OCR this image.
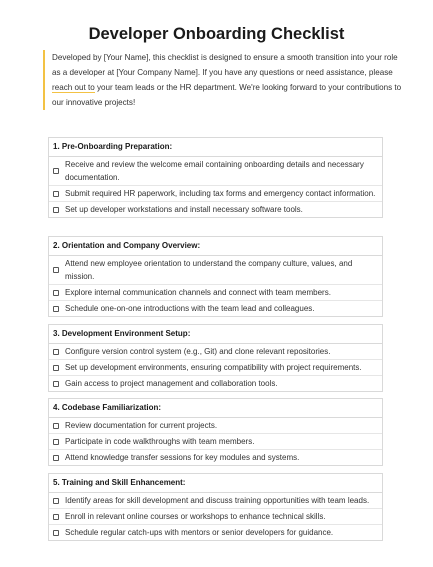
Developer Onboarding Checklist
Developed by [Your Name], this checklist is designed to ensure a smooth transition into your role as a developer at [Your Company Name]. If you have any questions or need assistance, please reach out to your team leads or the HR department. We're looking forward to your contributions to our innovative projects!
1. Pre-Onboarding Preparation:
Receive and review the welcome email containing onboarding details and necessary documentation.
Submit required HR paperwork, including tax forms and emergency contact information.
Set up developer workstations and install necessary software tools.
2. Orientation and Company Overview:
Attend new employee orientation to understand the company culture, values, and mission.
Explore internal communication channels and connect with team members.
Schedule one-on-one introductions with the team lead and colleagues.
3. Development Environment Setup:
Configure version control system (e.g., Git) and clone relevant repositories.
Set up development environments, ensuring compatibility with project requirements.
Gain access to project management and collaboration tools.
4. Codebase Familiarization:
Review documentation for current projects.
Participate in code walkthroughs with team members.
Attend knowledge transfer sessions for key modules and systems.
5. Training and Skill Enhancement:
Identify areas for skill development and discuss training opportunities with team leads.
Enroll in relevant online courses or workshops to enhance technical skills.
Schedule regular catch-ups with mentors or senior developers for guidance.
